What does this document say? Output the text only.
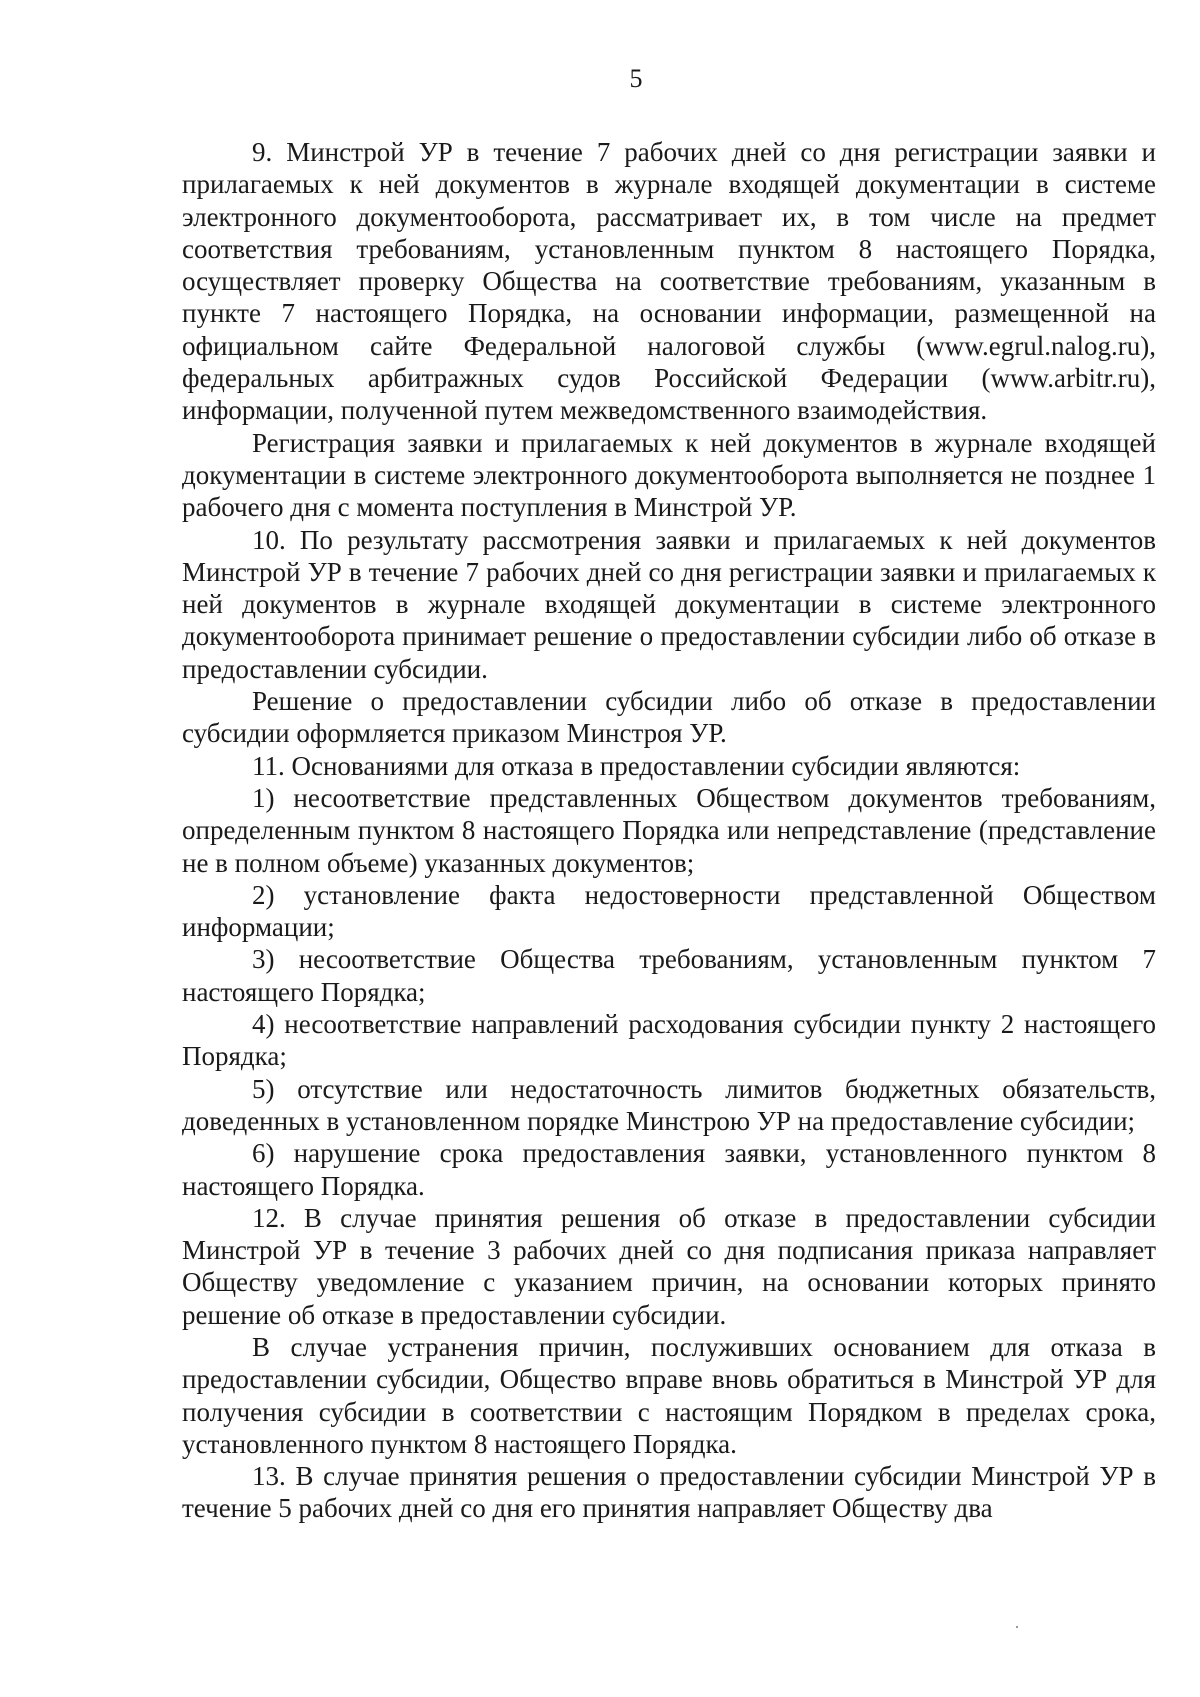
5

9. Минстрой УР в течение 7 рабочих дней со дня регистрации заявки и прилагаемых к ней документов в журнале входящей документации в системе электронного документооборота, рассматривает их, в том числе на предмет соответствия требованиям, установленным пунктом 8 настоящего Порядка, осуществляет проверку Общества на соответствие требованиям, указанным в пункте 7 настоящего Порядка, на основании информации, размещенной на официальном сайте Федеральной налоговой службы (www.egrul.nalog.ru), федеральных арбитражных судов Российской Федерации (www.arbitr.ru), информации, полученной путем межведомственного взаимодействия.

Регистрация заявки и прилагаемых к ней документов в журнале входящей документации в системе электронного документооборота выполняется не позднее 1 рабочего дня с момента поступления в Минстрой УР.

10. По результату рассмотрения заявки и прилагаемых к ней документов Минстрой УР в течение 7 рабочих дней со дня регистрации заявки и прилагаемых к ней документов в журнале входящей документации в системе электронного документооборота принимает решение о предоставлении субсидии либо об отказе в предоставлении субсидии.

Решение о предоставлении субсидии либо об отказе в предоставлении субсидии оформляется приказом Минстроя УР.

11. Основаниями для отказа в предоставлении субсидии являются:

1) несоответствие представленных Обществом документов требованиям, определенным пунктом 8 настоящего Порядка или непредставление (представление не в полном объеме) указанных документов;

2) установление факта недостоверности представленной Обществом информации;

3) несоответствие Общества требованиям, установленным пунктом 7 настоящего Порядка;

4) несоответствие направлений расходования субсидии пункту 2 настоящего Порядка;

5) отсутствие или недостаточность лимитов бюджетных обязательств, доведенных в установленном порядке Минстрою УР на предоставление субсидии;

6) нарушение срока предоставления заявки, установленного пунктом 8 настоящего Порядка.

12. В случае принятия решения об отказе в предоставлении субсидии Минстрой УР в течение 3 рабочих дней со дня подписания приказа направляет Обществу уведомление с указанием причин, на основании которых принято решение об отказе в предоставлении субсидии.

В случае устранения причин, послуживших основанием для отказа в предоставлении субсидии, Общество вправе вновь обратиться в Минстрой УР для получения субсидии в соответствии с настоящим Порядком в пределах срока, установленного пунктом 8 настоящего Порядка.

13. В случае принятия решения о предоставлении субсидии Минстрой УР в течение 5 рабочих дней со дня его принятия направляет Обществу два
